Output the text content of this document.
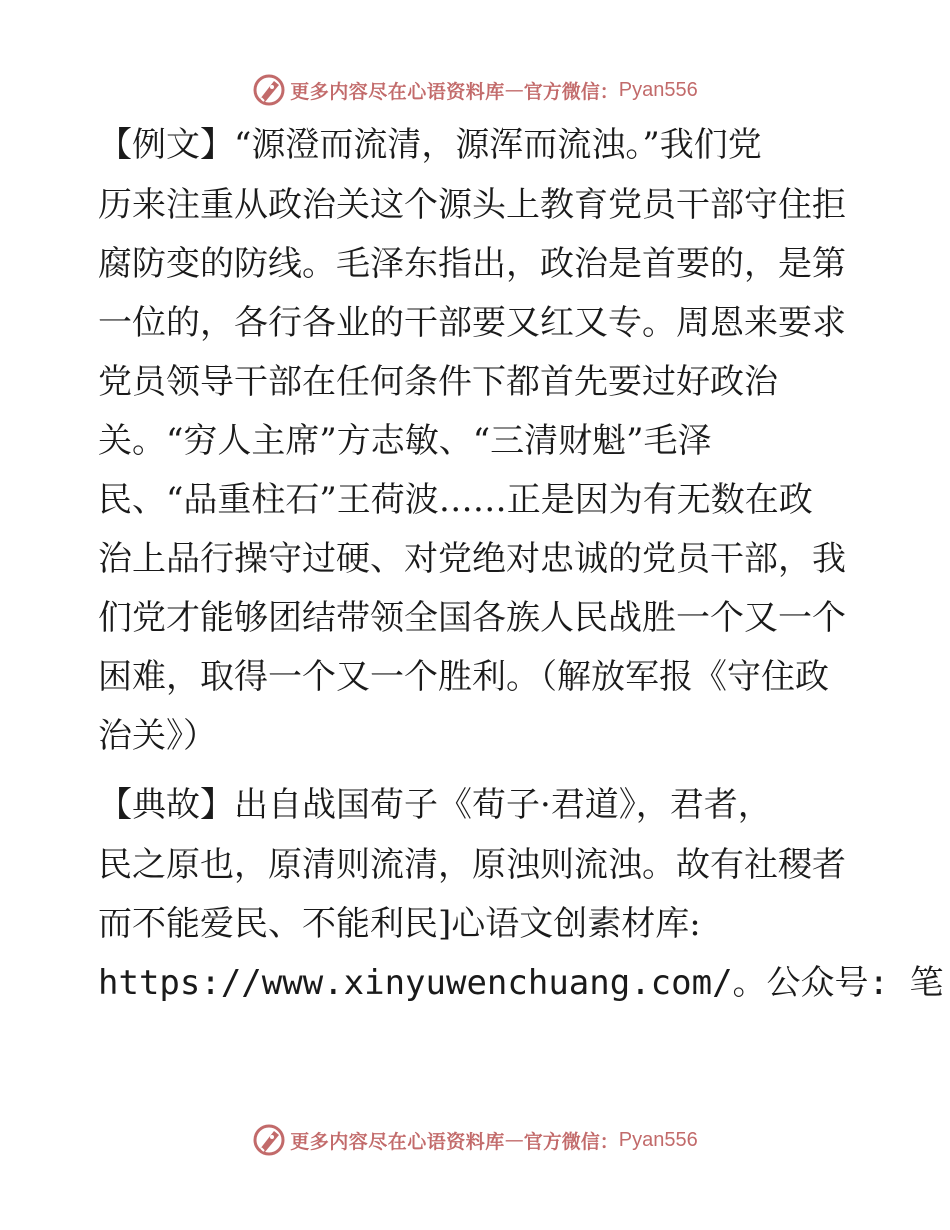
更多内容尽在心语资料库 — 官方微信： Pyan556
【例文】“源澄而流清，源浑而流浊。”我们党
历来注重从政治关这个源头上教育党员干部守住拒
腐防变的防线。毛泽东指出，政治是首要的，是第
一位的，各行各业的干部要又红又专。周恩来要求
党员领导干部在任何条件下都首先要过好政治
关。“穷人主席”方志敏、“三清财魁”毛泽
民、“品重柱石”王荷波……正是因为有无数在政
治上品行操守过硬、对党绝对忠诚的党员干部，我
们党才能够团结带领全国各族人民战胜一个又一个
困难，取得一个又一个胜利。（解放军报《守住政
治关》）
【典故】出自战国荀子《荀子·君道》，君者，
民之原也，原清则流清，原浊则流浊。故有社稷者
而不能爱民、不能利民]心语文创素材库:
https://www.xinyuwenchuang.com/。公众号: 笔
更多内容尽在心语资料库 — 官方微信： Pyan556
